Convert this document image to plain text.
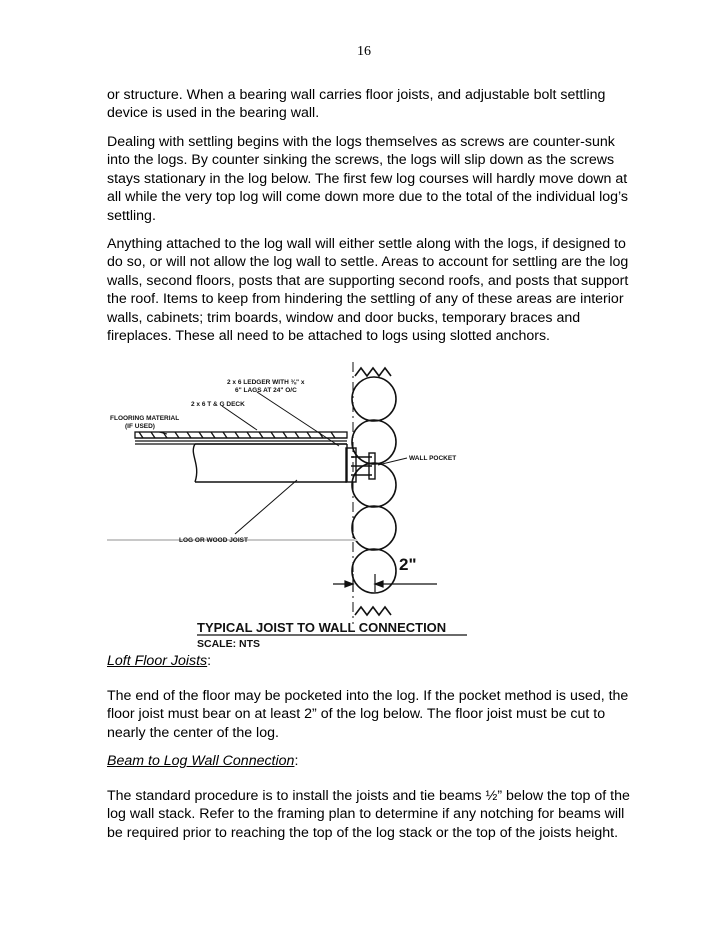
16

or structure. When a bearing wall carries floor joists, and adjustable bolt settling device is used in the bearing wall.

Dealing with settling begins with the logs themselves as screws are counter-sunk into the logs. By counter sinking the screws, the logs will slip down as the screws stays stationary in the log below. The first few log courses will hardly move down at all while the very top log will come down more due to the total of the individual log’s settling.

Anything attached to the log wall will either settle along with the logs, if designed to do so, or will not allow the log wall to settle. Areas to account for settling are the log walls, second floors, posts that are supporting second roofs, and posts that support the roof. Items to keep from hindering the settling of any of these areas are interior walls, cabinets; trim boards, window and door bucks, temporary braces and fireplaces. These all need to be attached to logs using slotted anchors.

2 x 6 LEDGER WITH ⅜" x
6" LAGS AT 24" O/C
2 x 6 T & G DECK
FLOORING MATERIAL
(IF USED)
WALL POCKET
LOG OR WOOD JOIST
2"
TYPICAL JOIST TO WALL CONNECTION
SCALE: NTS

Loft Floor Joists:

The end of the floor may be pocketed into the log. If the pocket method is used, the floor joist must bear on at least 2” of the log below. The floor joist must be cut to nearly the center of the log.

Beam to Log Wall Connection:

The standard procedure is to install the joists and tie beams ½” below the top of the log wall stack. Refer to the framing plan to determine if any notching for beams will be required prior to reaching the top of the log stack or the top of the joists height.
